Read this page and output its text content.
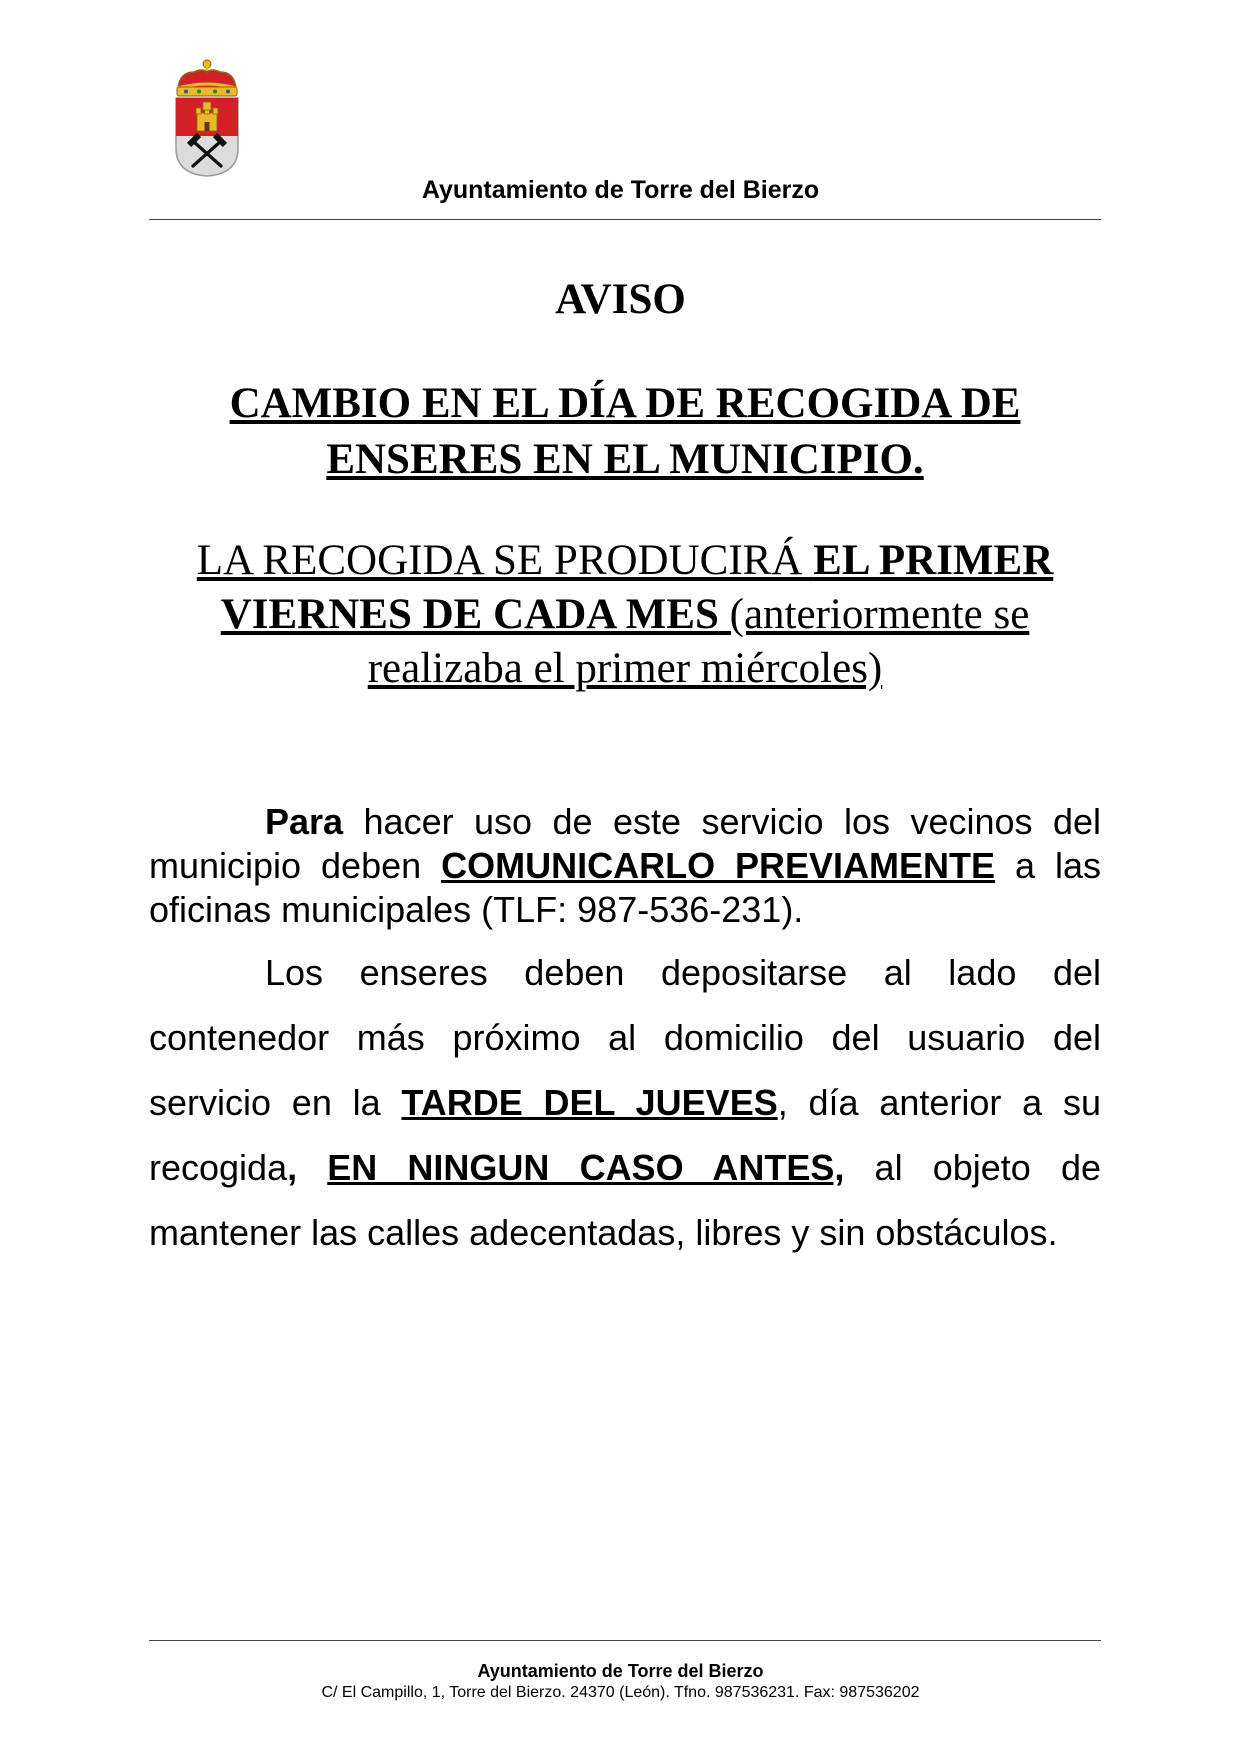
Ayuntamiento de Torre del Bierzo
AVISO
CAMBIO EN EL DÍA DE RECOGIDA DE
ENSERES EN EL MUNICIPIO.
LA RECOGIDA SE PRODUCIRÁ EL PRIMER VIERNES DE CADA MES (anteriormente se realizaba el primer miércoles)
Para hacer uso de este servicio los vecinos del municipio deben COMUNICARLO PREVIAMENTE a las oficinas municipales (TLF: 987-536-231).
Los enseres deben depositarse al lado del contenedor más próximo al domicilio del usuario del servicio en la TARDE DEL JUEVES, día anterior a su recogida, EN NINGUN CASO ANTES, al objeto de mantener las calles adecentadas, libres y sin obstáculos.
Ayuntamiento de Torre del Bierzo
C/ El Campillo, 1, Torre del Bierzo. 24370 (León). Tfno. 987536231. Fax: 987536202
